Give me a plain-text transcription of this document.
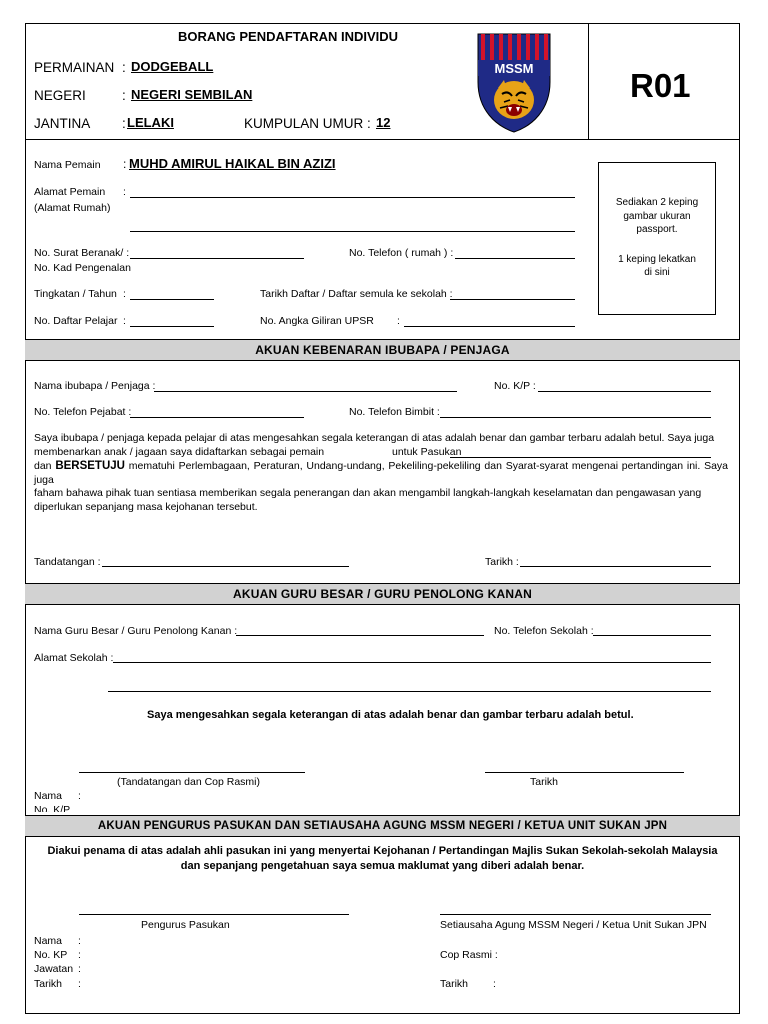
BORANG PENDAFTARAN INDIVIDU
PERMAINAN : DODGEBALL
NEGERI	: NEGERI SEMBILAN
JANTINA : LELAKI	KUMPULAN UMUR : 12
MSSM	R01
Nama Pemain : MUHD AMIRUL HAIKAL BIN AZIZI
Alamat Pemain :
(Alamat Rumah)
No. Surat Beranak/ :
No. Kad Pengenalan
No. Telefon ( rumah ) :
Tingkatan / Tahun :	Tarikh Daftar / Daftar semula ke sekolah :
No. Daftar Pelajar :	No. Angka Giliran UPSR :

Sediakan 2 keping

gambar ukuran

passport.

1 keping lekatkan

di sini

AKUAN KEBENARAN IBUBAPA / PENJAGA
Nama ibubapa / Penjaga :	No. K/P :
No. Telefon Pejabat :	No. Telefon Bimbit :
Saya ibubapa / penjaga kepada pelajar di atas mengesahkan segala keterangan di atas adalah benar dan gambar terbaru adalah betul. Saya juga
membenarkan anak / jagaan saya didaftarkan sebagai pemain	untuk Pasukan
dan BERSETUJU mematuhi Perlembagaan, Peraturan, Undang-undang, Pekeliling-pekeliling dan Syarat-syarat mengenai pertandingan ini. Saya juga
faham bahawa pihak tuan sentiasa memberikan segala penerangan dan akan mengambil langkah-langkah keselamatan dan pengawasan yang
diperlukan sepanjang masa kejohanan tersebut.
Tandatangan :	Tarikh :
AKUAN GURU BESAR / GURU PENOLONG KANAN
Nama Guru Besar / Guru Penolong Kanan :	No. Telefon Sekolah :
Alamat Sekolah :
Saya mengesahkan segala keterangan di atas adalah benar dan gambar terbaru adalah betul.
(Tandatangan dan Cop Rasmi)	Tarikh
Nama :
No. K/P
AKUAN PENGURUS PASUKAN DAN SETIAUSAHA AGUNG MSSM NEGERI / KETUA UNIT SUKAN JPN
Diakui penama di atas adalah ahli pasukan ini yang menyertai Kejohanan / Pertandingan Majlis Sukan Sekolah-sekolah Malaysia
dan sepanjang pengetahuan saya semua maklumat yang diberi adalah benar.
Pengurus Pasukan	Setiausaha Agung MSSM Negeri / Ketua Unit Sukan JPN
Nama :
No. KP :
Jawatan :
Tarikh :
Cop Rasmi :
Tarikh :
